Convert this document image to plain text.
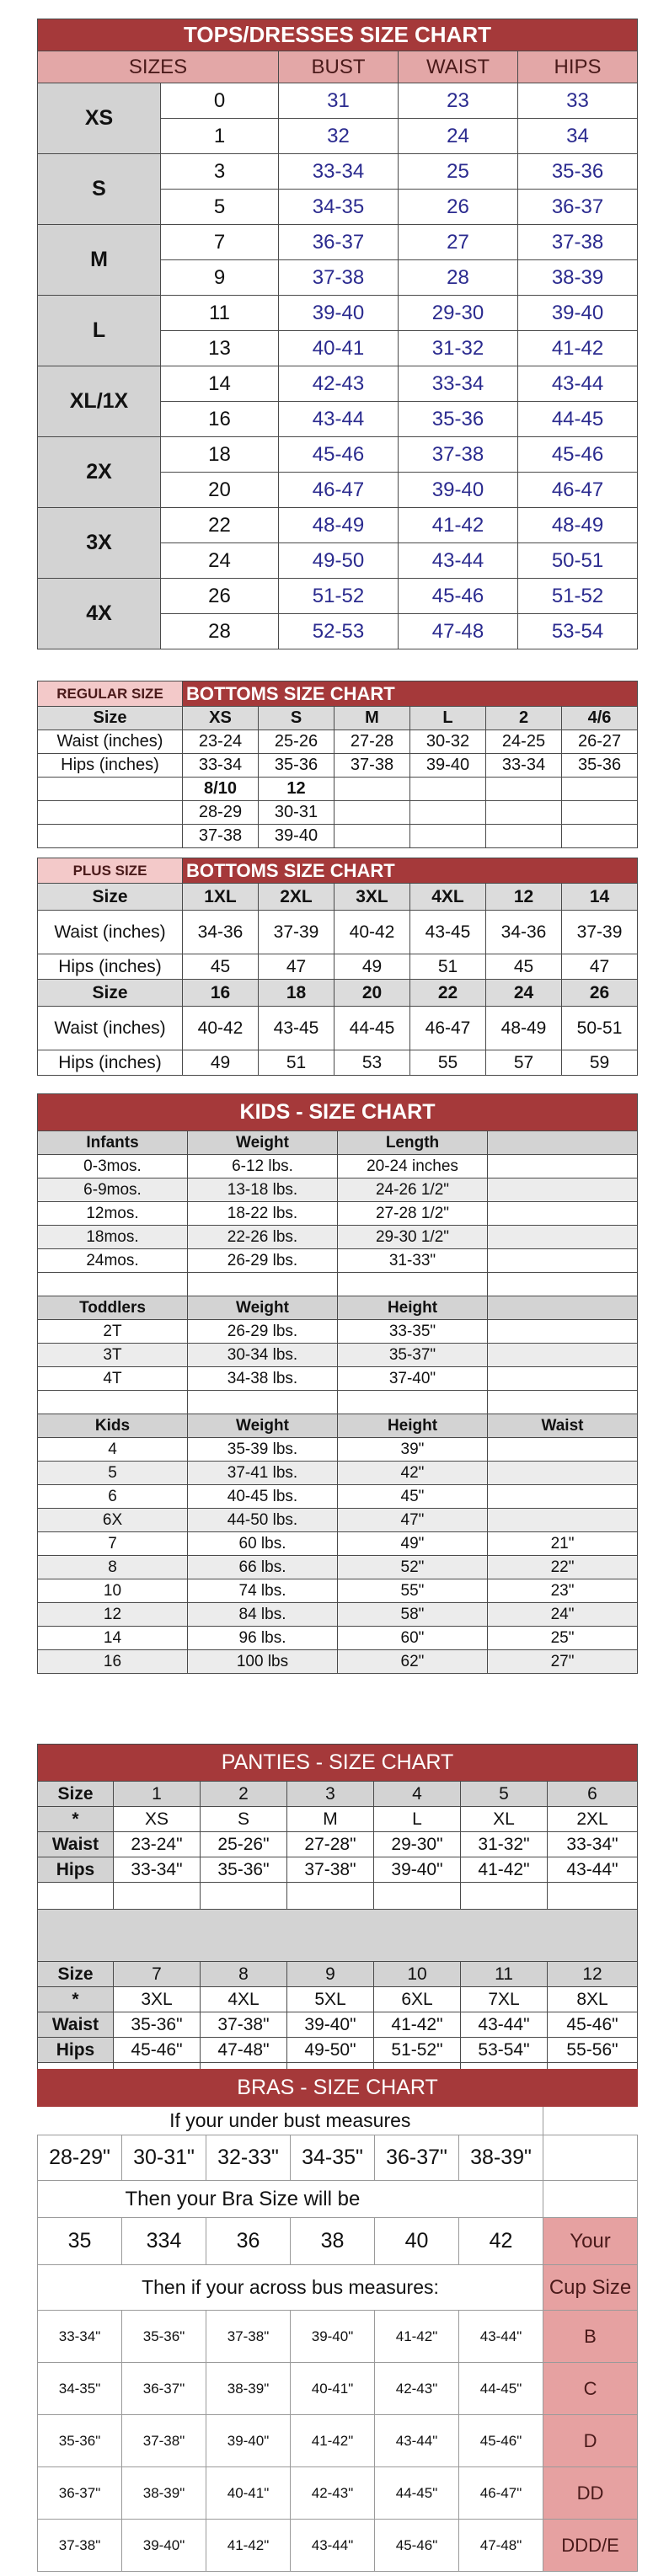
TOPS/DRESSES SIZE CHART				
SIZES		BUST	WAIST	HIPS
XS	0	31	23	33
	1	32	24	34
S	3	33-34	25	35-36
	5	34-35	26	36-37
M	7	36-37	27	37-38
	9	37-38	28	38-39
L	11	39-40	29-30	39-40
	13	40-41	31-32	41-42
XL/1X	14	42-43	33-34	43-44
	16	43-44	35-36	44-45
2X	18	45-46	37-38	45-46
	20	46-47	39-40	46-47
3X	22	48-49	41-42	48-49
	24	49-50	43-44	50-51
4X	26	51-52	45-46	51-52
	28	52-53	47-48	53-54
REGULAR SIZE	BOTTOMS SIZE CHART					
Size	XS	S	M	L	2	4/6
Waist (inches)	23-24	25-26	27-28	30-32	24-25	26-27
Hips (inches)	33-34	35-36	37-38	39-40	33-34	35-36
	8/10	12				
	28-29	30-31				
	37-38	39-40				
PLUS SIZE	BOTTOMS SIZE CHART					
Size	1XL	2XL	3XL	4XL	12	14
Waist (inches)	34-36	37-39	40-42	43-45	34-36	37-39
Hips (inches)	45	47	49	51	45	47
Size	16	18	20	22	24	26
Waist (inches)	40-42	43-45	44-45	46-47	48-49	50-51
Hips (inches)	49	51	53	55	57	59
KIDS - SIZE CHART			
Infants	Weight	Length	
0-3mos.	6-12 lbs.	20-24 inches	
6-9mos.	13-18 lbs.	24-26 1/2"	
12mos.	18-22 lbs.	27-28 1/2"	
18mos.	22-26 lbs.	29-30 1/2"	
24mos.	26-29 lbs.	31-33"	

Toddlers	Weight	Height	
2T	26-29 lbs.	33-35"	
3T	30-34 lbs.	35-37"	
4T	34-38 lbs.	37-40"	

Kids	Weight	Height	Waist
4	35-39 lbs.	39"	
5	37-41 lbs.	42"	
6	40-45 lbs.	45"	
6X	44-50 lbs.	47"	
7	60 lbs.	49"	21"
8	66 lbs.	52"	22"
10	74 lbs.	55"	23"
12	84 lbs.	58"	24"
14	96 lbs.	60"	25"
16	100 lbs	62"	27"
PANTIES - SIZE CHART						
Size	1	2	3	4	5	6
*	XS	S	M	L	XL	2XL
Waist	23-24"	25-26"	27-28"	29-30"	31-32"	33-34"
Hips	33-34"	35-36"	37-38"	39-40"	41-42"	43-44"

Size	7	8	9	10	11	12
*	3XL	4XL	5XL	6XL	7XL	8XL
Waist	35-36"	37-38"	39-40"	41-42"	43-44"	45-46"
Hips	45-46"	47-48"	49-50"	51-52"	53-54"	55-56"

BRAS - SIZE CHART						
If your under bust measures						
28-29"	30-31"	32-33"	34-35"	36-37"	38-39"	
	Then your Bra Size will be					
35	334	36	38	40	42	Your
Then if your across bus measures:						Cup Size
33-34"	35-36"	37-38"	39-40"	41-42"	43-44"	B
34-35"	36-37"	38-39"	40-41"	42-43"	44-45"	C
35-36"	37-38"	39-40"	41-42"	43-44"	45-46"	D
36-37"	38-39"	40-41"	42-43"	44-45"	46-47"	DD
37-38"	39-40"	41-42"	43-44"	45-46"	47-48"	DDD/E
